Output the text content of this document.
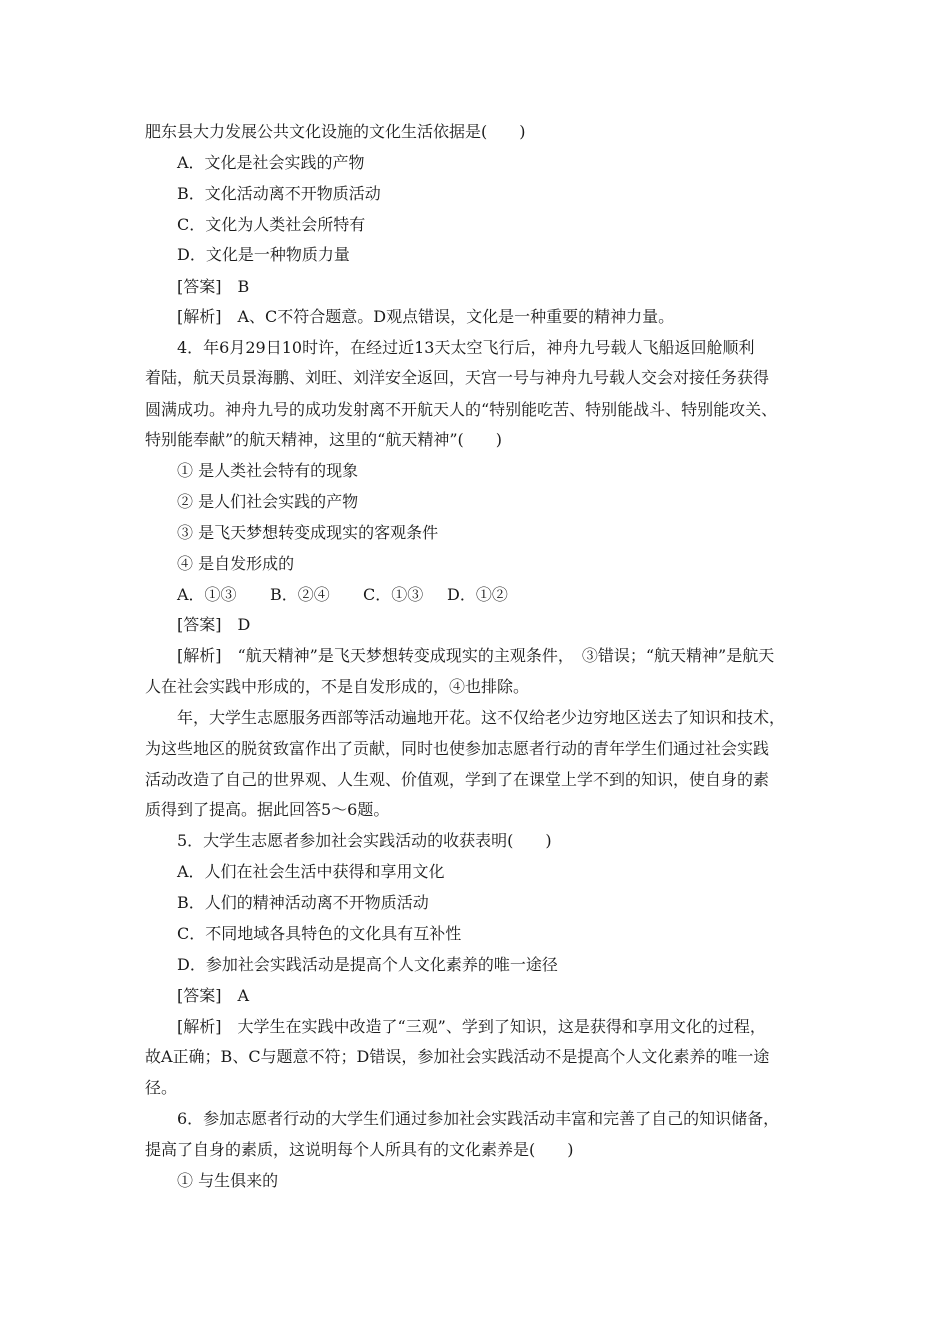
肥东县大力发展公共文化设施的文化生活依据是(　　)
A．文化是社会实践的产物
B．文化活动离不开物质活动
C．文化为人类社会所特有
D．文化是一种物质力量
[答案]　B
[解析]　A、C不符合题意。D观点错误，文化是一种重要的精神力量。
4．年6月29日10时许，在经过近13天太空飞行后，神舟九号载人飞船返回舱顺利
着陆，航天员景海鹏、刘旺、刘洋安全返回，天宫一号与神舟九号载人交会对接任务获得
圆满成功。神舟九号的成功发射离不开航天人的“特别能吃苦、特别能战斗、特别能攻关、
特别能奉献”的航天精神，这里的“航天精神”(　　)
① 是人类社会特有的现象
② 是人们社会实践的产物
③ 是飞天梦想转变成现实的客观条件
④ 是自发形成的
A．①③ B．②④ C．①③ D．①②
[答案]　D
[解析]　“航天精神”是飞天梦想转变成现实的主观条件，　③错误；“航天精神”是航天
人在社会实践中形成的，不是自发形成的，④也排除。
年，大学生志愿服务西部等活动遍地开花。这不仅给老少边穷地区送去了知识和技术，
为这些地区的脱贫致富作出了贡献，同时也使参加志愿者行动的青年学生们通过社会实践
活动改造了自己的世界观、人生观、价值观，学到了在课堂上学不到的知识，使自身的素
质得到了提高。据此回答5～6题。
5．大学生志愿者参加社会实践活动的收获表明(　　)
A．人们在社会生活中获得和享用文化
B．人们的精神活动离不开物质活动
C．不同地域各具特色的文化具有互补性
D．参加社会实践活动是提高个人文化素养的唯一途径
[答案]　A
[解析]　大学生在实践中改造了“三观”、学到了知识，这是获得和享用文化的过程，
故A正确；B、C与题意不符；D错误，参加社会实践活动不是提高个人文化素养的唯一途
径。
6．参加志愿者行动的大学生们通过参加社会实践活动丰富和完善了自己的知识储备，
提高了自身的素质，这说明每个人所具有的文化素养是(　　)
① 与生俱来的
